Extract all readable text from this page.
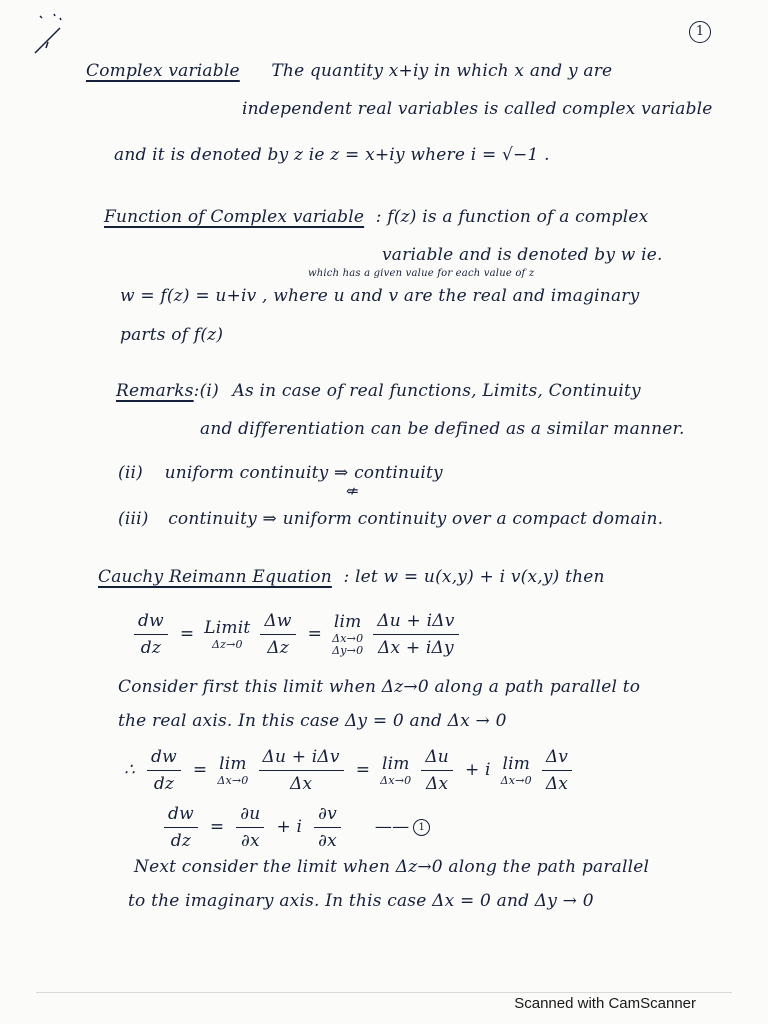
1
Complex variable The quantity x+iy in which x and y are
independent real variables is called complex variable
and it is denoted by z ie z = x+iy where i = √−1 .
Function of Complex variable : f(z) is a function of a complex
variable and is denoted by w ie.
which has a given value for each value of z
w = f(z) = u+iv , where u and v are the real and imaginary
parts of f(z)
Remarks:(i) As in case of real functions, Limits, Continuity
and differentiation can be defined as a similar manner.
(ii) uniform continuity ⇒ continuity
⇍
(iii) continuity ⇒ uniform continuity over a compact domain.
Cauchy Reimann Equation : let w = u(x,y) + i v(x,y) then
$\frac{dw}{dz}$ = Limit
$\Delta z\to 0 \frac{\Delta w}{\Delta z}$ =
lim
Δx→0
$\Delta y\to 0 \frac{\text{Δu + iΔv}}{\text{Δx + iΔy}}$
Consider first this limit when Δz→0 along a path parallel to
the real axis. In this case Δy = 0 and Δx → 0
∴ $\frac{dw}{dz} = \lim$
$\Delta x\to 0 \frac{\text{Δu + iΔv}}{\Delta x} = \lim$
$\Delta x\to 0 \frac{\Delta u}{\Delta x} + i$ lim
$\Delta x\to 0 \frac{\Delta v}{\Delta x}$
$\frac{dw}{dz} = \frac{\partial u}{\partial x} + i \frac{\partial v}{\partial x}$ —— 1
Next consider the limit when Δz→0 along the path parallel
to the imaginary axis. In this case Δx = 0 and Δy → 0
Scanned with CamScanner
